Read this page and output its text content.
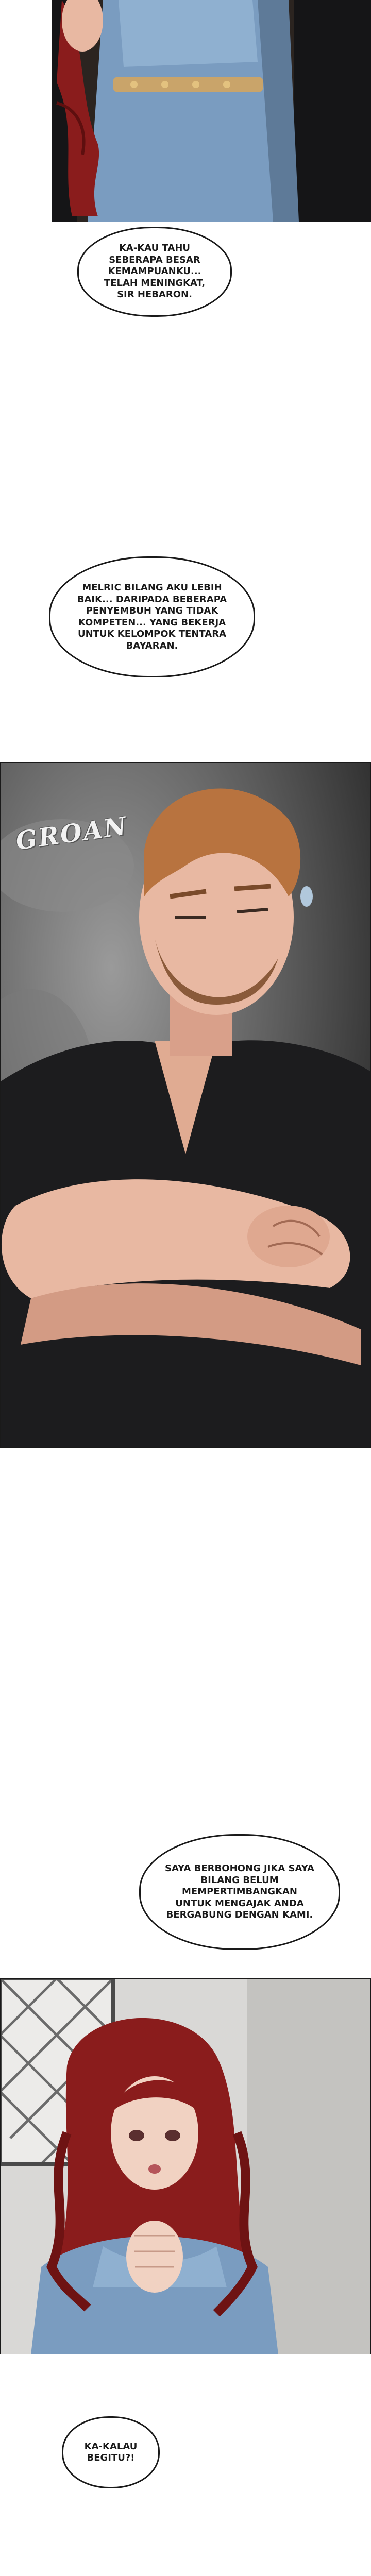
KA-KAU TAHU SEBERAPA BESAR KEMAMPUANKU... TELAH MENINGKAT, SIR HEBARON.
MELRIC BILANG AKU LEBIH BAIK... DARIPADA BEBERAPA PENYEMBUH YANG TIDAK KOMPETEN... YANG BEKERJA UNTUK KELOMPOK TENTARA BAYARAN.
GROAN
SAYA BERBOHONG JIKA SAYA BILANG BELUM MEMPERTIMBANGKAN UNTUK MENGAJAK ANDA BERGABUNG DENGAN KAMI.
KA-KALAU BEGITU?!
